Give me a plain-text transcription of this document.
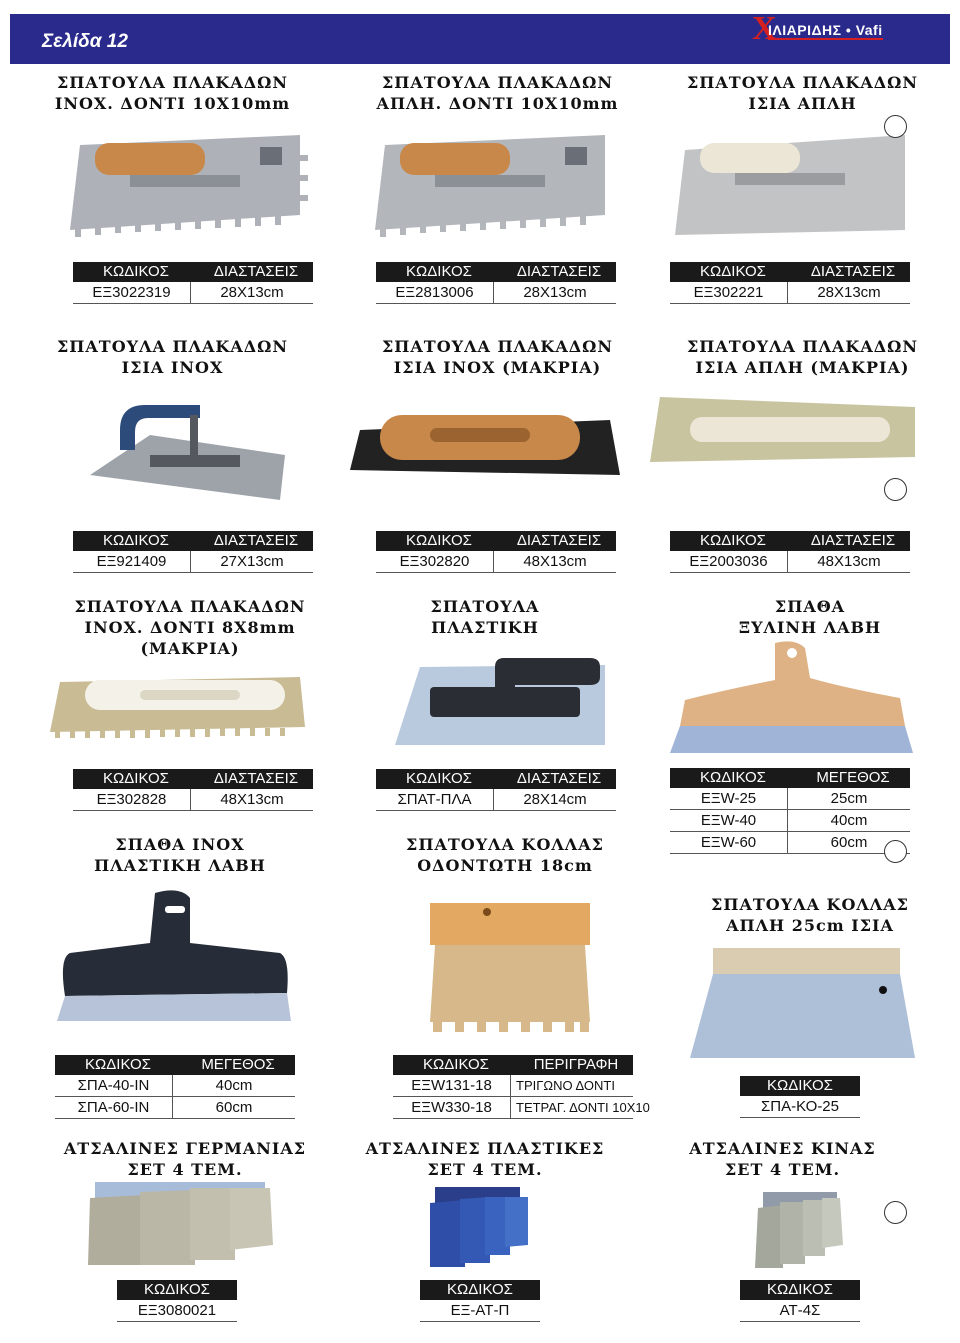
Σελίδα 12	X
ΙΛΙΑΡΙΔΗΣ • Vafi
ΣΠΑΤΟΥΛΑ ΠΛΑΚΑΔΩΝ
ΙΝΟΧ. ΔΟΝΤΙ 10Χ10mm
ΣΠΑΤΟΥΛΑ ΠΛΑΚΑΔΩΝ
ΑΠΛΗ. ΔΟΝΤΙ 10Χ10mm
ΣΠΑΤΟΥΛΑ ΠΛΑΚΑΔΩΝ
ΙΣΙΑ ΑΠΛΗ
ΚΩΔΙΚΟΣ	ΔΙΑΣΤΑΣΕΙΣ
ΕΞ3022319	28Χ13cm
ΚΩΔΙΚΟΣ	ΔΙΑΣΤΑΣΕΙΣ
ΕΞ2813006	28Χ13cm
ΚΩΔΙΚΟΣ	ΔΙΑΣΤΑΣΕΙΣ
ΕΞ302221	28Χ13cm
ΣΠΑΤΟΥΛΑ ΠΛΑΚΑΔΩΝ
ΙΣΙΑ ΙΝΟΧ
ΣΠΑΤΟΥΛΑ ΠΛΑΚΑΔΩΝ
ΙΣΙΑ ΙΝΟΧ (ΜΑΚΡΙΑ)
ΣΠΑΤΟΥΛΑ ΠΛΑΚΑΔΩΝ
ΙΣΙΑ ΑΠΛΗ (ΜΑΚΡΙΑ)
ΚΩΔΙΚΟΣ	ΔΙΑΣΤΑΣΕΙΣ
ΕΞ921409	27Χ13cm
ΚΩΔΙΚΟΣ	ΔΙΑΣΤΑΣΕΙΣ
ΕΞ302820	48Χ13cm
ΚΩΔΙΚΟΣ	ΔΙΑΣΤΑΣΕΙΣ
ΕΞ2003036	48Χ13cm
ΣΠΑΤΟΥΛΑ ΠΛΑΚΑΔΩΝ
ΙΝΟΧ. ΔΟΝΤΙ 8Χ8mm
(ΜΑΚΡΙΑ)
ΣΠΑΤΟΥΛΑ
ΠΛΑΣΤΙΚΗ
ΣΠΑΘΑ
ΞΥΛΙΝΗ ΛΑΒΗ
ΚΩΔΙΚΟΣ	ΔΙΑΣΤΑΣΕΙΣ
ΕΞ302828	48Χ13cm
ΚΩΔΙΚΟΣ	ΔΙΑΣΤΑΣΕΙΣ
ΣΠΑΤ-ΠΛΑ	28Χ14cm
ΚΩΔΙΚΟΣ	ΜΕΓΕΘΟΣ
ΕΞW-25	25cm
ΕΞW-40	40cm
ΕΞW-60	60cm
ΣΠΑΘΑ ΙΝΟΧ
ΠΛΑΣΤΙΚΗ ΛΑΒΗ
ΣΠΑΤΟΥΛΑ ΚΟΛΛΑΣ
ΟΔΟΝΤΩΤΗ 18cm
ΣΠΑΤΟΥΛΑ ΚΟΛΛΑΣ
ΑΠΛΗ 25cm ΙΣΙΑ
ΚΩΔΙΚΟΣ	ΜΕΓΕΘΟΣ
ΣΠΑ-40-ΙΝ	40cm
ΣΠΑ-60-ΙΝ	60cm
ΚΩΔΙΚΟΣ	ΠΕΡΙΓΡΑΦΗ
ΕΞW131-18	ΤΡΙΓΩΝΟ ΔΟΝΤΙ
ΕΞW330-18	ΤΕΤΡΑΓ. ΔΟΝΤΙ 10Χ10
ΚΩΔΙΚΟΣ
ΣΠΑ-ΚΟ-25
ΑΤΣΑΛΙΝΕΣ ΓΕΡΜΑΝΙΑΣ
ΣΕΤ 4 ΤΕΜ.
ΑΤΣΑΛΙΝΕΣ ΠΛΑΣΤΙΚΕΣ
ΣΕΤ 4 ΤΕΜ.
ΑΤΣΑΛΙΝΕΣ ΚΙΝΑΣ
ΣΕΤ 4 ΤΕΜ.
ΚΩΔΙΚΟΣ
ΕΞ3080021
ΚΩΔΙΚΟΣ
ΕΞ-ΑΤ-Π
ΚΩΔΙΚΟΣ
ΑΤ-4Σ
